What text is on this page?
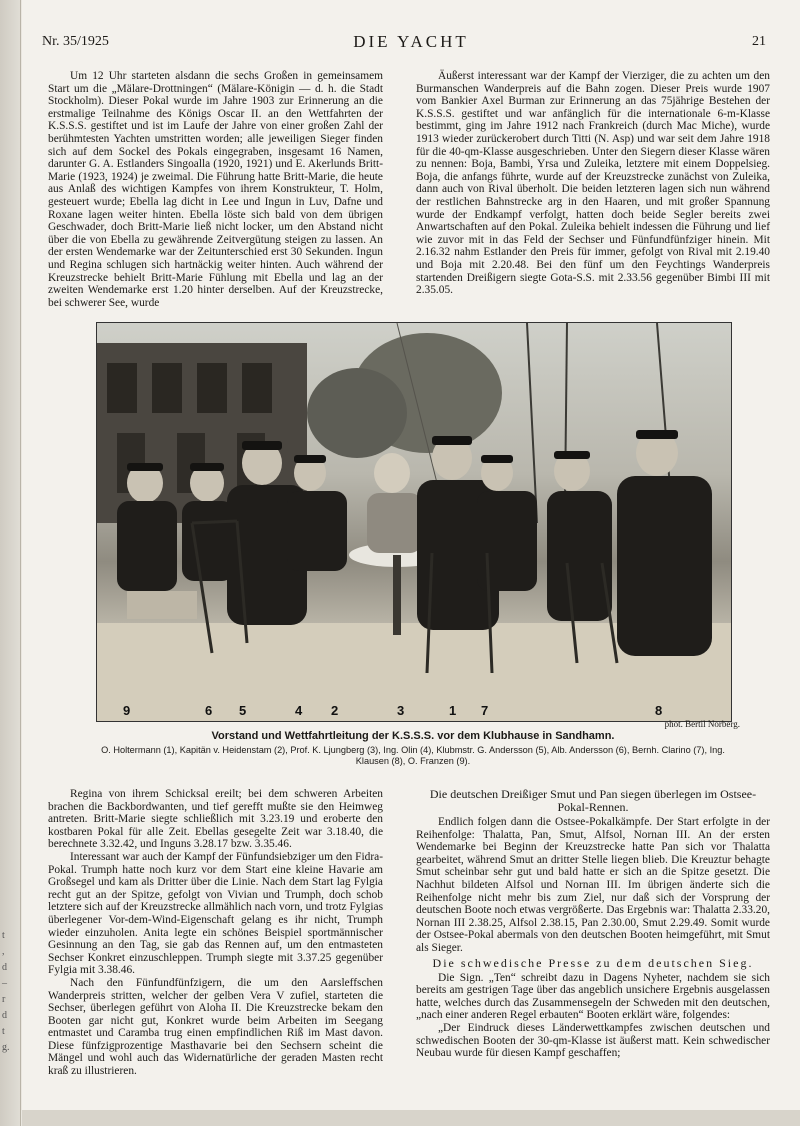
t
,
d
–
r
d
t
g.
Nr. 35/1925	DIE YACHT	21

Um 12 Uhr starteten alsdann die sechs Großen in gemeinsamem Start um die „Mälare-Drottningen“ (Mälare-Königin — d. h. die Stadt Stockholm). Dieser Pokal wurde im Jahre 1903 zur Erinnerung an die erstmalige Teilnahme des Königs Oscar II. an den Wettfahrten der K.S.S.S. gestiftet und ist im Laufe der Jahre von einer großen Zahl der berühmtesten Yachten umstritten worden; alle jeweiligen Sieger finden sich auf dem Sockel des Pokals eingegraben, insgesamt 16 Namen, darunter G. A. Estlanders Singoalla (1920, 1921) und E. Akerlunds Britt-Marie (1923, 1924) je zweimal. Die Führung hatte Britt-Marie, die heute aus Anlaß des wichtigen Kampfes von ihrem Konstrukteur, T. Holm, gesteuert wurde; Ebella lag dicht in Lee und Ingun in Luv, Dafne und Roxane lagen weiter hinten. Ebella löste sich bald von dem übrigen Geschwader, doch Britt-Marie ließ nicht locker, um den Abstand nicht über die von Ebella zu gewährende Zeitvergütung steigen zu lassen. An der ersten Wendemarke war der Zeitunterschied erst 30 Sekunden. Ingun und Regina schlugen sich hartnäckig weiter hinten. Auch während der Kreuzstrecke behielt Britt-Marie Fühlung mit Ebella und lag an der zweiten Wendemarke erst 1.20 hinter derselben. Auf der Kreuzstrecke, bei schwerer See, wurde

Äußerst interessant war der Kampf der Vierziger, die zu achten um den Burmanschen Wanderpreis auf die Bahn zogen. Dieser Preis wurde 1907 vom Bankier Axel Burman zur Erinnerung an das 75jährige Bestehen der K.S.S.S. gestiftet und war anfänglich für die internationale 6-m-Klasse bestimmt, ging im Jahre 1912 nach Frankreich (durch Mac Miche), wurde 1913 wieder zurückerobert durch Titti (N. Asp) und war seit dem Jahre 1918 für die 40-qm-Klasse ausgeschrieben. Unter den Siegern dieser Klasse wären zu nennen: Boja, Bambi, Yrsa und Zuleika, letztere mit einem Doppelsieg. Boja, die anfangs führte, wurde auf der Kreuzstrecke zunächst von Zuleika, dann auch von Rival überholt. Die beiden letzteren lagen sich nun während der restlichen Bahnstrecke arg in den Haaren, und mit großer Spannung wurde der Endkampf verfolgt, hatten doch beide Segler bereits zwei Anwartschaften auf den Pokal. Zuleika behielt indessen die Führung und lief wie zuvor mit in das Feld der Sechser und Fünfundfünfziger hinein. Mit 2.16.32 nahm Estlander den Preis für immer, gefolgt von Rival mit 2.19.40 und Boja mit 2.20.48. Bei den fünf um den Feychtings Wanderpreis startenden Dreißigern siegte Gota-S.S. mit 2.33.56 gegenüber Bimbi III mit 2.35.05.

9	6 5	4 2	3	1 7	8
phot. Bertil Norberg.
Vorstand und Wettfahrtleitung der K.S.S.S. vor dem Klubhause in Sandhamn.
O. Holtermann (1), Kapitän v. Heidenstam (2), Prof. K. Ljungberg (3), Ing. Olin (4), Klubmstr. G. Andersson (5), Alb. Andersson (6), Bernh. Clarino (7), Ing. Klausen (8), O. Franzen (9).

Regina von ihrem Schicksal ereilt; bei dem schweren Arbeiten brachen die Backbordwanten, und tief gerefft mußte sie den Heimweg antreten. Britt-Marie siegte schließlich mit 3.23.19 und eroberte den kostbaren Pokal für alle Zeit. Ebellas gesegelte Zeit war 3.18.40, die berechnete 3.32.42, und Inguns 3.28.17 bzw. 3.35.46.

Interessant war auch der Kampf der Fünfundsiebziger um den Fidra-Pokal. Trumph hatte noch kurz vor dem Start eine kleine Havarie am Großsegel und kam als Dritter über die Linie. Nach dem Start lag Fylgia recht gut an der Spitze, gefolgt von Vivian und Trumph, doch schob letztere sich auf der Kreuzstrecke allmählich nach vorn, und trotz Fylgias überlegener Vor-dem-Wind-Eigenschaft gelang es ihr nicht, Trumph wieder einzuholen. Anita legte ein schönes Beispiel sportmännischer Gesinnung an den Tag, sie gab das Rennen auf, um den entmasteten Sechser Konkret einzuschleppen. Trumph siegte mit 3.37.25 gegenüber Fylgia mit 3.38.46.

Nach den Fünfundfünfzigern, die um den Aarsleffschen Wanderpreis stritten, welcher der gelben Vera V zufiel, starteten die Sechser, überlegen geführt von Aloha II. Die Kreuzstrecke bekam den Booten gar nicht gut, Konkret wurde beim Arbeiten im Seegang entmastet und Caramba trug einen empfindlichen Riß im Mast davon. Diese fünfzigprozentige Masthavarie bei den Sechsern scheint die Mängel und wohl auch das Widernatürliche der geraden Masten recht kraß zu illustrieren.

Die deutschen Dreißiger Smut und Pan siegen überlegen im Ostsee-Pokal-Rennen.

Endlich folgen dann die Ostsee-Pokalkämpfe. Der Start erfolgte in der Reihenfolge: Thalatta, Pan, Smut, Alfsol, Nornan III. An der ersten Wendemarke bei Beginn der Kreuzstrecke hatte Pan sich vor Thalatta gearbeitet, während Smut an dritter Stelle liegen blieb. Die Kreuztur behagte Smut scheinbar sehr gut und bald hatte er sich an die Spitze gesetzt. Die Nachhut bildeten Alfsol und Nornan III. Im übrigen änderte sich die Reihenfolge nicht mehr bis zum Ziel, nur daß sich der Vorsprung der deutschen Boote noch etwas vergrößerte. Das Ergebnis war: Thalatta 2.33.20, Nornan III 2.38.25, Alfsol 2.38.15, Pan 2.30.00, Smut 2.29.49. Somit wurde der Ostsee-Pokal abermals von den deutschen Booten heimgeführt, mit Smut als Sieger.

Die schwedische Presse zu dem deutschen Sieg.

Die Sign. „Ten“ schreibt dazu in Dagens Nyheter, nachdem sie sich bereits am gestrigen Tage über das angeblich unsichere Ergebnis ausgelassen hatte, welches durch das Zusammensegeln der Schweden mit den deutschen, „nach einer anderen Regel erbauten“ Booten erklärt wäre, folgendes:

„Der Eindruck dieses Länderwettkampfes zwischen deutschen und schwedischen Booten der 30-qm-Klasse ist äußerst matt. Kein schwedischer Neubau wurde für diesen Kampf geschaffen;
